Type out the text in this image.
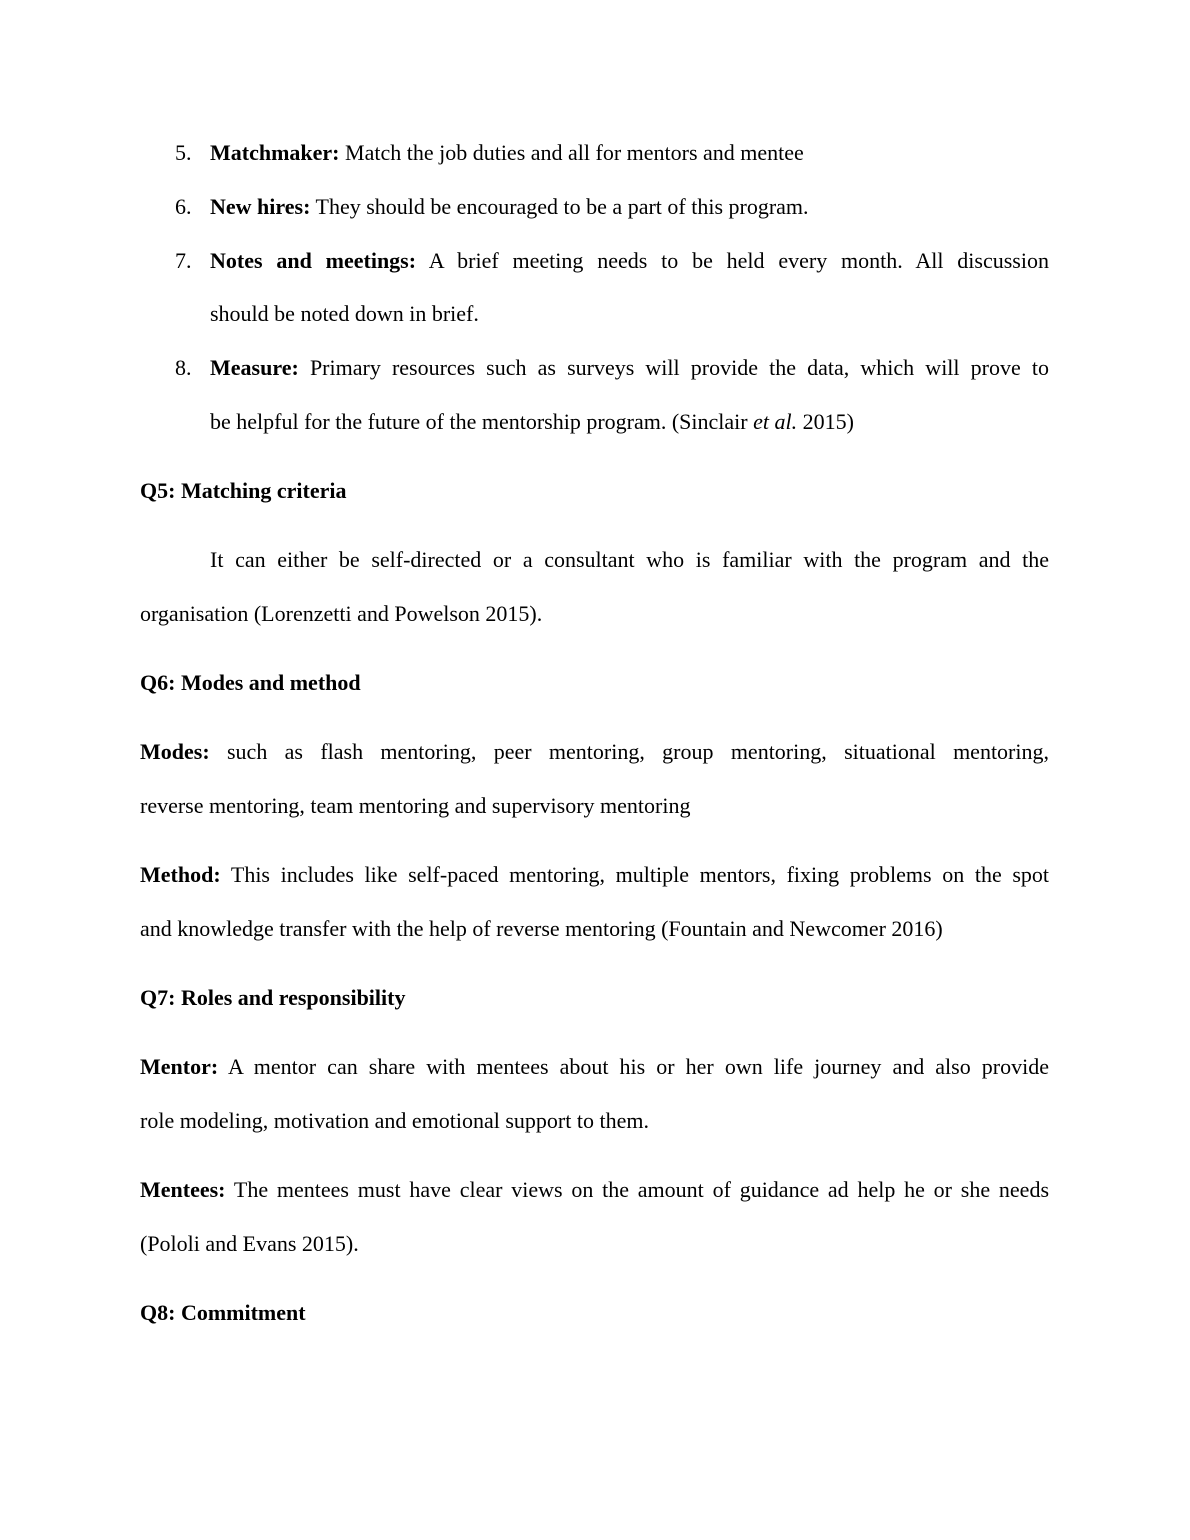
5. Matchmaker: Match the job duties and all for mentors and mentee
6. New hires: They should be encouraged to be a part of this program.
7. Notes and meetings: A brief meeting needs to be held every month. All discussion
should be noted down in brief.
8. Measure: Primary resources such as surveys will provide the data, which will prove to
be helpful for the future of the mentorship program. (Sinclair et al. 2015)
Q5: Matching criteria
It can either be self-directed or a consultant who is familiar with the program and the
organisation (Lorenzetti and Powelson 2015).
Q6: Modes and method
Modes: such as flash mentoring, peer mentoring, group mentoring, situational mentoring,
reverse mentoring, team mentoring and supervisory mentoring
Method: This includes like self-paced mentoring, multiple mentors, fixing problems on the spot
and knowledge transfer with the help of reverse mentoring (Fountain and Newcomer 2016)
Q7: Roles and responsibility
Mentor: A mentor can share with mentees about his or her own life journey and also provide
role modeling, motivation and emotional support to them.
Mentees: The mentees must have clear views on the amount of guidance ad help he or she needs
(Pololi and Evans 2015).
Q8: Commitment
